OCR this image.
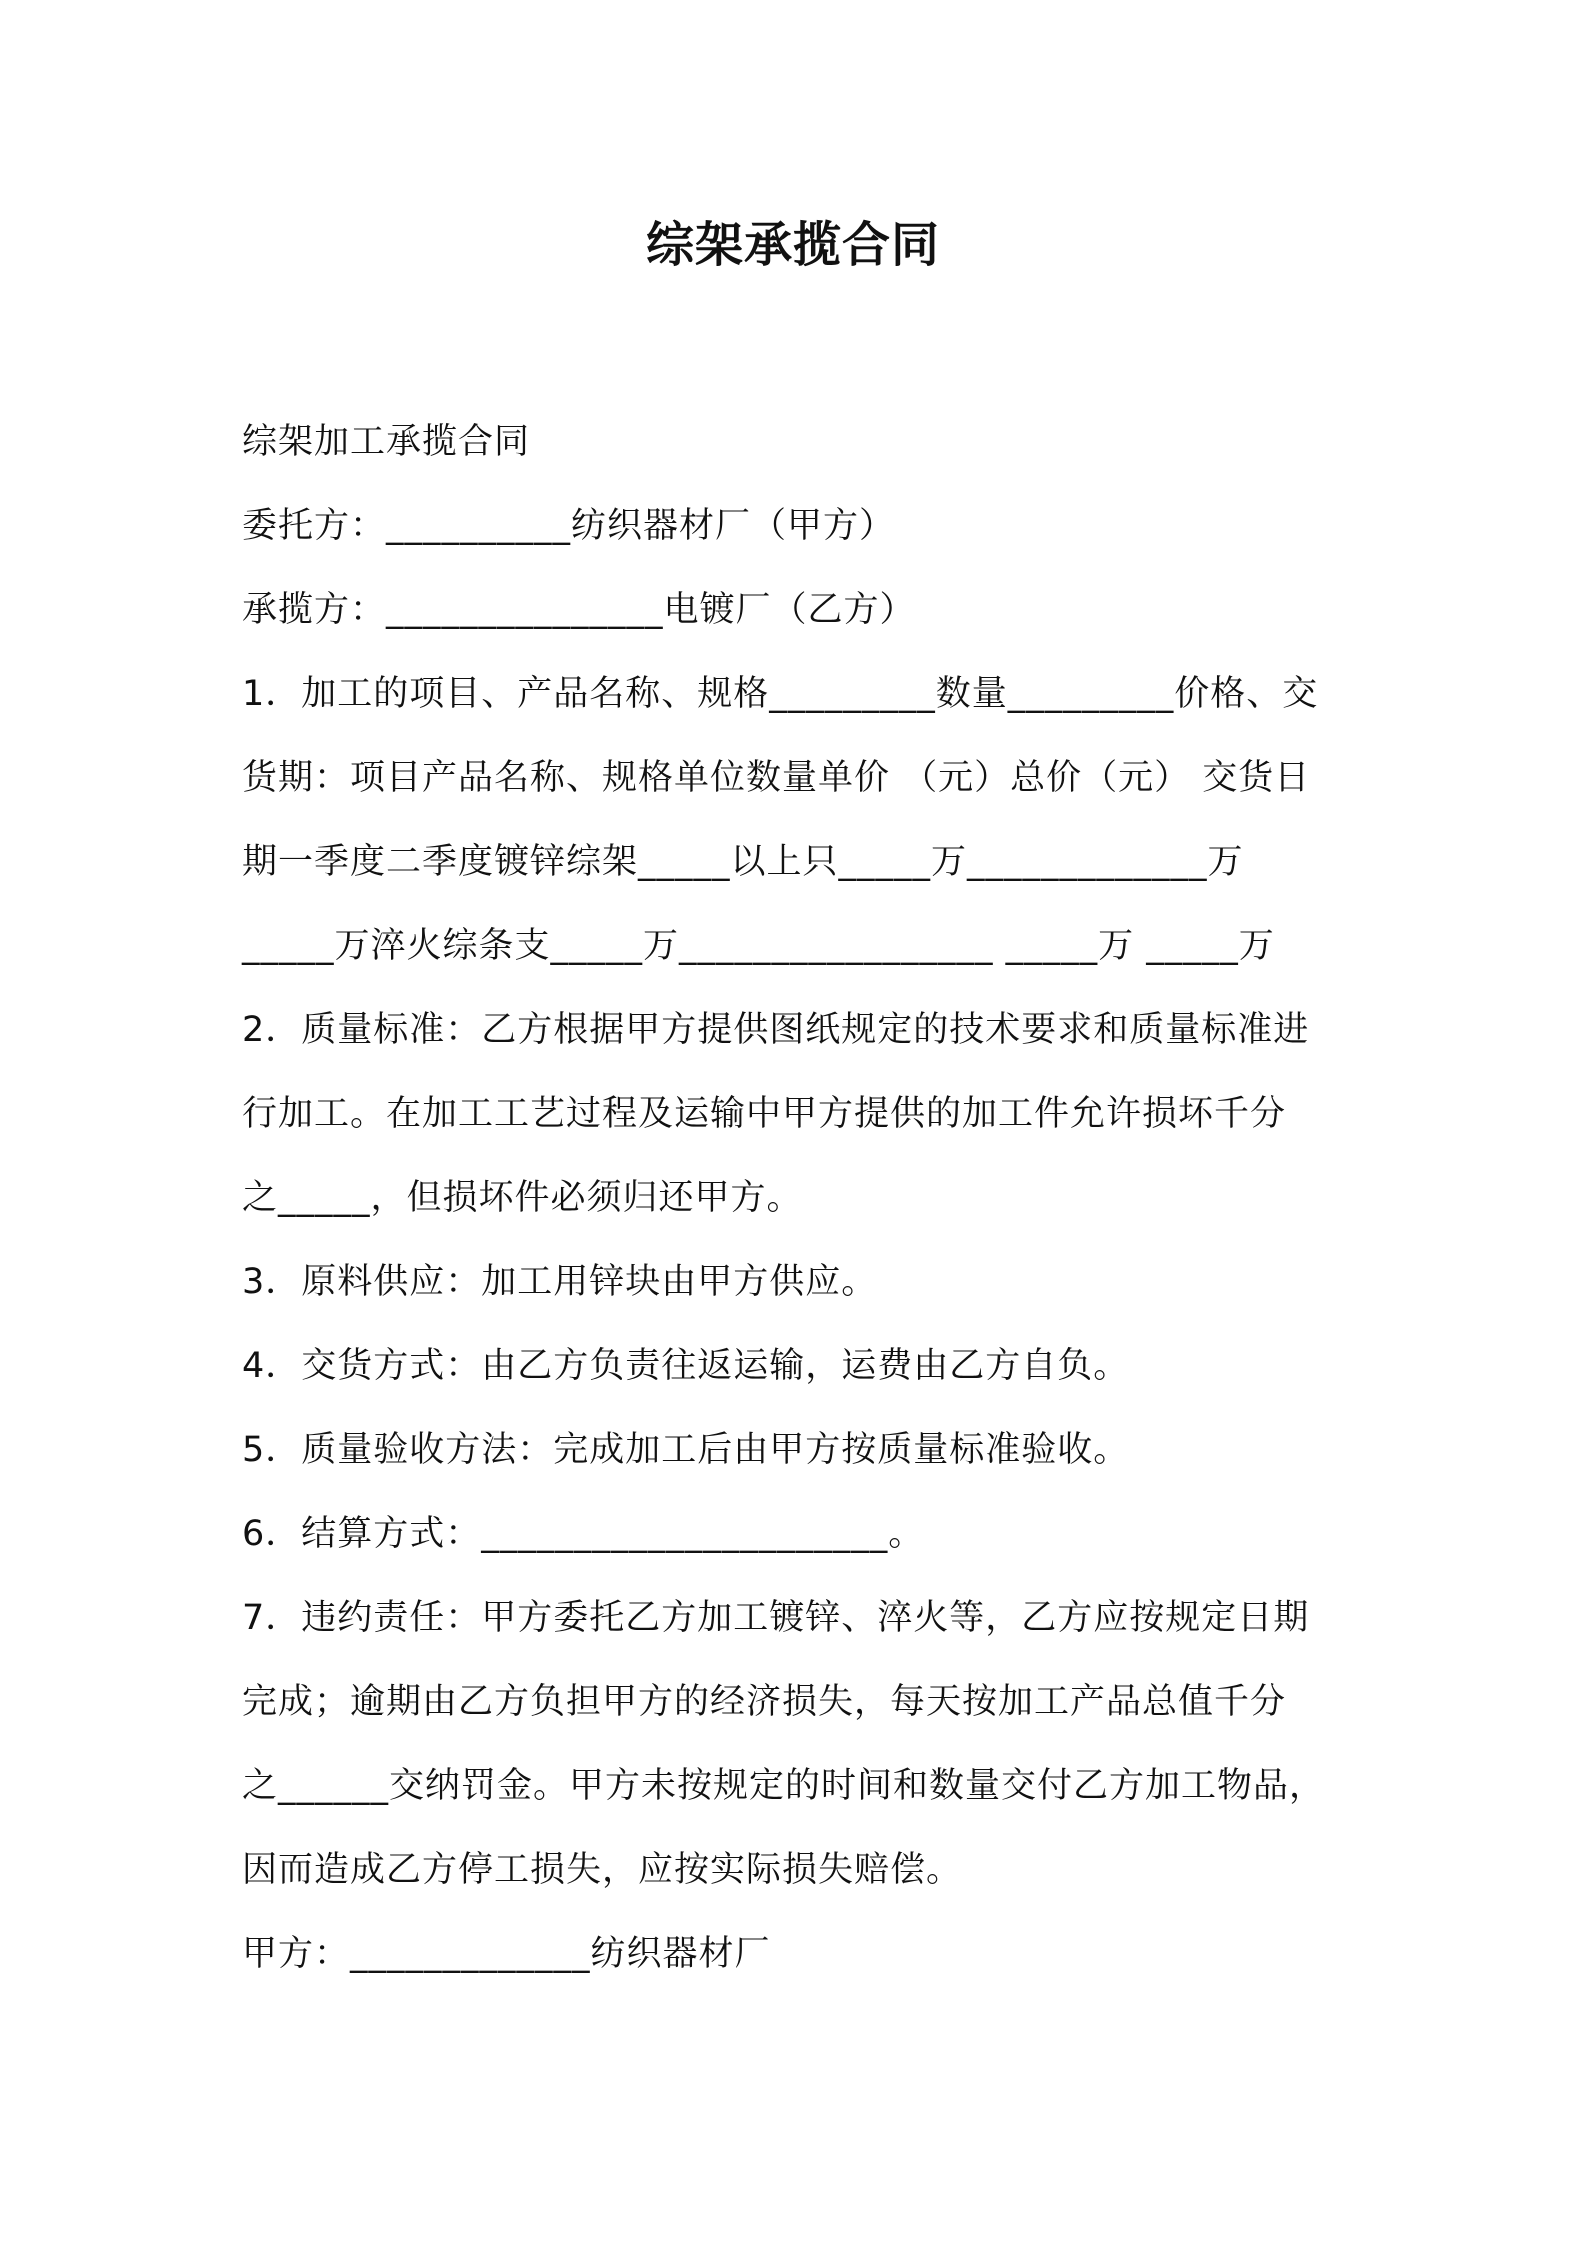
综架承揽合同
综架加工承揽合同
委托方：__________纺织器材厂（甲方）
承揽方：_______________电镀厂（乙方）
1．加工的项目、产品名称、规格_________数量_________价格、交
货期：项目产品名称、规格单位数量单价 （元）总价（元） 交货日
期一季度二季度镀锌综架_____以上只_____万_____________万
_____万淬火综条支_____万_________________ _____万 _____万
2．质量标准：乙方根据甲方提供图纸规定的技术要求和质量标准进
行加工。在加工工艺过程及运输中甲方提供的加工件允许损坏千分
之_____，但损坏件必须归还甲方。
3．原料供应：加工用锌块由甲方供应。
4．交货方式：由乙方负责往返运输，运费由乙方自负。
5．质量验收方法：完成加工后由甲方按质量标准验收。
6．结算方式：______________________。
7．违约责任：甲方委托乙方加工镀锌、淬火等，乙方应按规定日期
完成；逾期由乙方负担甲方的经济损失，每天按加工产品总值千分
之______交纳罚金。甲方未按规定的时间和数量交付乙方加工物品，
因而造成乙方停工损失，应按实际损失赔偿。
甲方：_____________纺织器材厂
